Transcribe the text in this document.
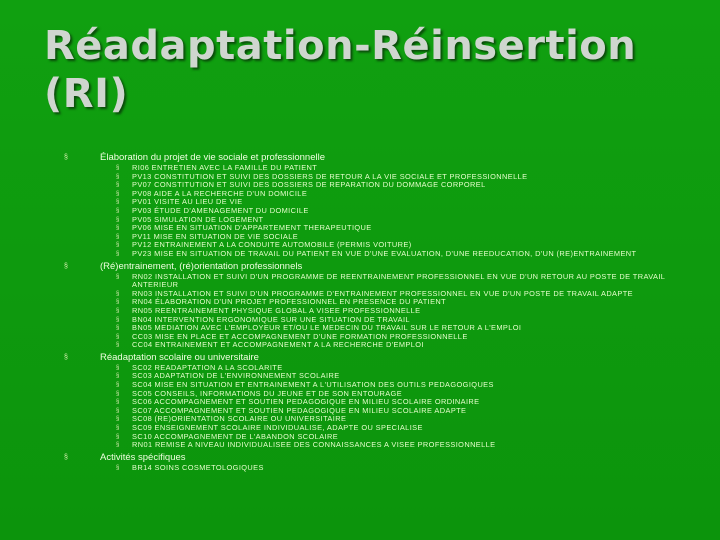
Réadaptation-Réinsertion (RI)
§	Élaboration du projet de vie sociale et professionnelle
§ RI06 ENTRETIEN AVEC LA FAMILLE DU PATIENT
§ PV13 CONSTITUTION ET SUIVI DES DOSSIERS DE RETOUR A LA VIE SOCIALE ET PROFESSIONNELLE
§ PV07 CONSTITUTION ET SUIVI DES DOSSIERS DE REPARATION DU DOMMAGE CORPOREL
§ PV08 AIDE A LA RECHERCHE D'UN DOMICILE
§ PV01 VISITE AU LIEU DE VIE
§ PV03 ÉTUDE D'AMENAGEMENT DU DOMICILE
§ PV05 SIMULATION DE LOGEMENT
§ PV06 MISE EN SITUATION D'APPARTEMENT THERAPEUTIQUE
§ PV11 MISE EN SITUATION DE VIE SOCIALE
§ PV12 ENTRAINEMENT A LA CONDUITE AUTOMOBILE (PERMIS VOITURE)
§ PV23 MISE EN SITUATION DE TRAVAIL DU PATIENT EN VUE D'UNE EVALUATION, D'UNE REEDUCATION, D'UN (RE)ENTRAINEMENT
§	(Ré)entrainement, (ré)orientation professionnels
§ RN02 INSTALLATION ET SUIVI D'UN PROGRAMME DE REENTRAINEMENT PROFESSIONNEL EN VUE D'UN RETOUR AU POSTE DE TRAVAIL ANTERIEUR
§ RN03 INSTALLATION ET SUIVI D'UN PROGRAMME D'ENTRAINEMENT PROFESSIONNEL EN VUE D'UN POSTE DE TRAVAIL ADAPTE
§ RN04 ÉLABORATION D'UN PROJET PROFESSIONNEL EN PRESENCE DU PATIENT
§ RN05 REENTRAINEMENT PHYSIQUE GLOBAL A VISEE PROFESSIONNELLE
§ BN04 INTERVENTION ERGONOMIQUE SUR UNE SITUATION DE TRAVAIL
§ BN05 MEDIATION AVEC L'EMPLOYEUR ET/OU LE MEDECIN DU TRAVAIL SUR LE RETOUR A L'EMPLOI
§ CC03 MISE EN PLACE ET ACCOMPAGNEMENT D'UNE FORMATION PROFESSIONNELLE
§ CC04 ENTRAINEMENT ET ACCOMPAGNEMENT A LA RECHERCHE D'EMPLOI
§	Réadaptation scolaire ou universitaire
§ SC02 READAPTATION A LA SCOLARITE
§ SC03 ADAPTATION DE L'ENVIRONNEMENT SCOLAIRE
§ SC04 MISE EN SITUATION ET ENTRAINEMENT A L'UTILISATION DES OUTILS PEDAGOGIQUES
§ SC05 CONSEILS, INFORMATIONS DU JEUNE ET DE SON ENTOURAGE
§ SC06 ACCOMPAGNEMENT ET SOUTIEN PEDAGOGIQUE EN MILIEU SCOLAIRE ORDINAIRE
§ SC07 ACCOMPAGNEMENT ET SOUTIEN PEDAGOGIQUE EN MILIEU SCOLAIRE ADAPTE
§ SC08 (RE)ORIENTATION SCOLAIRE OU UNIVERSITAIRE
§ SC09 ENSEIGNEMENT SCOLAIRE INDIVIDUALISE, ADAPTE OU SPECIALISE
§ SC10 ACCOMPAGNEMENT DE L'ABANDON SCOLAIRE
§ RN01 REMISE A NIVEAU INDIVIDUALISEE DES CONNAISSANCES A VISEE PROFESSIONNELLE
§	Activités spécifiques
§ BR14 SOINS COSMETOLOGIQUES
